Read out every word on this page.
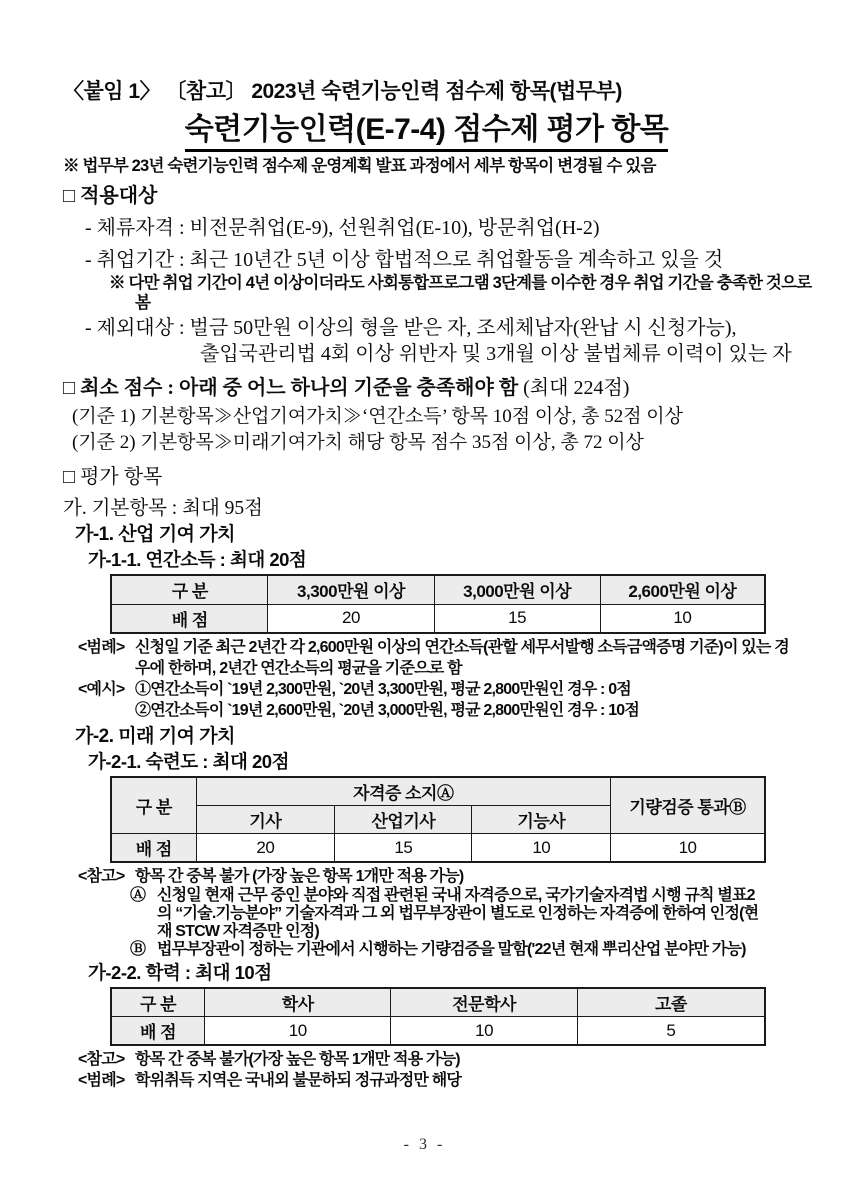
〈붙임 1〉 〔참고〕 2023년 숙련기능인력 점수제 항목(법무부)
숙련기능인력(E-7-4) 점수제 평가 항목
※ 법무부 23년 숙련기능인력 점수제 운영계획 발표 과정에서 세부 항목이 변경될 수 있음
□ 적용대상
- 체류자격 : 비전문취업(E-9), 선원취업(E-10), 방문취업(H-2)
- 취업기간 : 최근 10년간 5년 이상 합법적으로 취업활동을 계속하고 있을 것
※ 다만 취업 기간이 4년 이상이더라도 사회통합프로그램 3단계를 이수한 경우 취업 기간을 충족한 것으로 봄
- 제외대상 : 벌금 50만원 이상의 형을 받은 자, 조세체납자(완납 시 신청가능),
출입국관리법 4회 이상 위반자 및 3개월 이상 불법체류 이력이 있는 자
□ 최소 점수 : 아래 중 어느 하나의 기준을 충족해야 함 (최대 224점)
(기준 1) 기본항목≫산업기여가치≫‘연간소득’ 항목 10점 이상, 총 52점 이상
(기준 2) 기본항목≫미래기여가치 해당 항목 점수 35점 이상, 총 72 이상
□ 평가 항목
가. 기본항목 : 최대 95점
가-1. 산업 기여 가치
가-1-1. 연간소득 : 최대 20점
구 분	3,300만원 이상	3,000만원 이상	2,600만원 이상
배 점	20	15	10
<범례> 신청일 기준 최근 2년간 각 2,600만원 이상의 연간소득(관할 세무서발행 소득금액증명 기준)이 있는 경우에 한하며, 2년간 연간소득의 평균을 기준으로 함
<예시> ①연간소득이 `19년 2,300만원, `20년 3,300만원, 평균 2,800만원인 경우 : 0점
②연간소득이 `19년 2,600만원, `20년 3,000만원, 평균 2,800만원인 경우 : 10점
가-2. 미래 기여 가치
가-2-1. 숙련도 : 최대 20점
구 분	자격증 소지Ⓐ			기량검증 통과Ⓑ
	기사	산업기사	기능사	
배 점	20	15	10	10
<참고> 항목 간 중복 불가 (가장 높은 항목 1개만 적용 가능)
Ⓐ 신청일 현재 근무 중인 분야와 직접 관련된 국내 자격증으로, 국가기술자격법 시행 규칙 별표2의 “기술.기능분야” 기술자격과 그 외 법무부장관이 별도로 인정하는 자격증에 한하여 인정(현재 STCW 자격증만 인정)
Ⓑ 법무부장관이 정하는 기관에서 시행하는 기량검증을 말함('22년 현재 뿌리산업 분야만 가능)
가-2-2. 학력 : 최대 10점
구 분	학사	전문학사	고졸
배 점	10	10	5
<참고> 항목 간 중복 불가(가장 높은 항목 1개만 적용 가능)
<범례> 학위취득 지역은 국내외 불문하되 정규과정만 해당
- 3 -
